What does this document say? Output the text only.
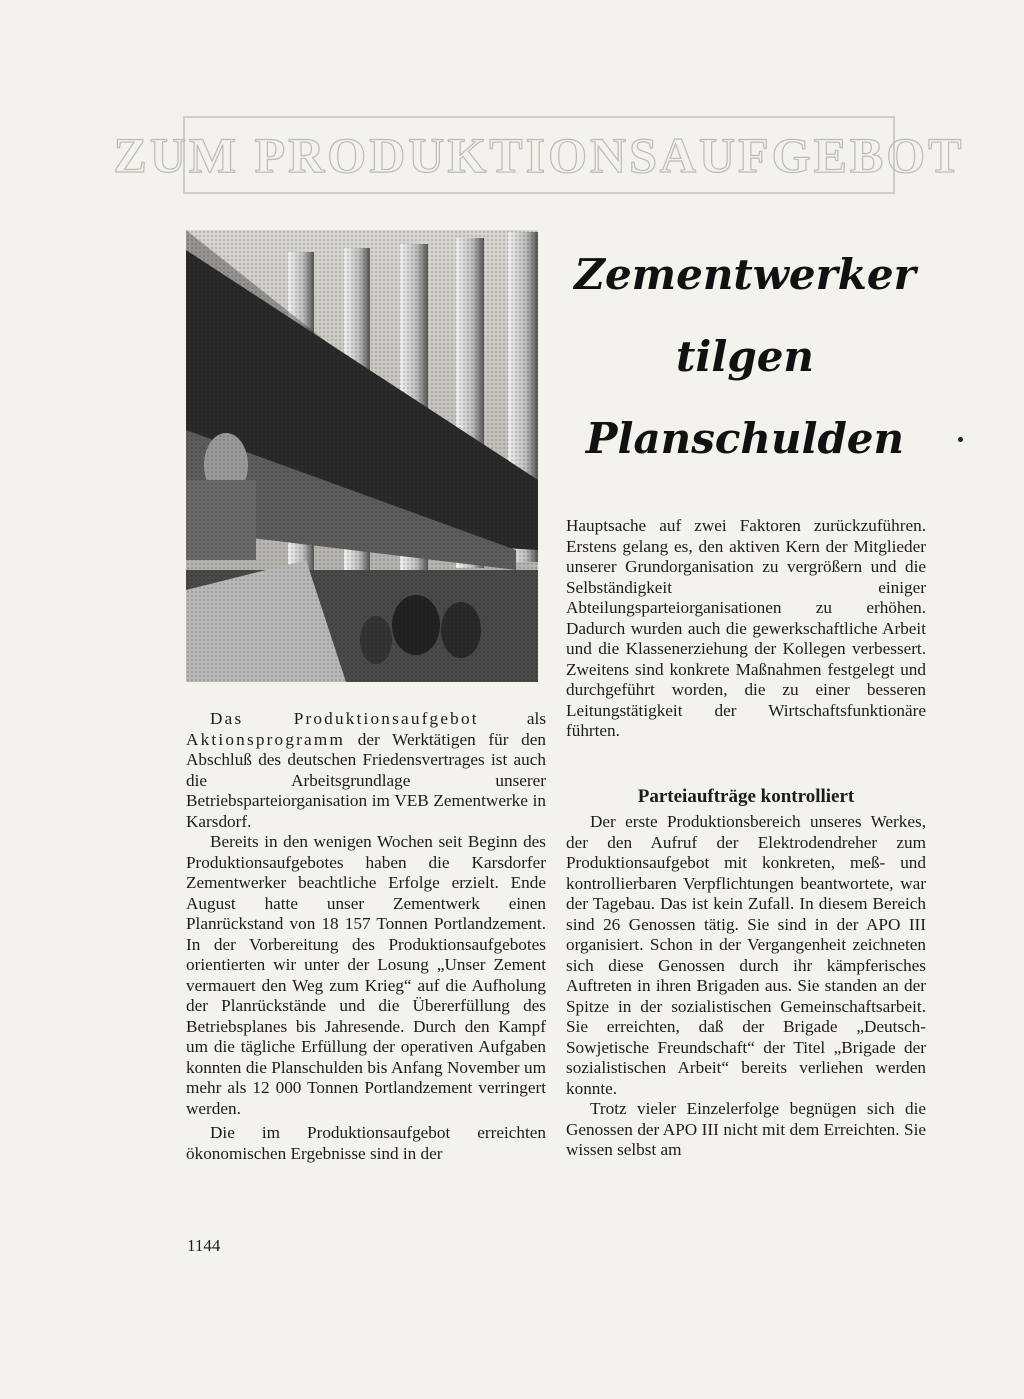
ZUM PRODUKTIONSAUFGEBOT
Zementwerker
tilgen
Planschulden

Das Produktionsaufgebot als Aktionsprogramm der Werktätigen für den Abschluß des deutschen Friedensvertrages ist auch die Arbeitsgrundlage unserer Betriebsparteiorganisation im VEB Zementwerke in Karsdorf.

Bereits in den wenigen Wochen seit Beginn des Produktionsaufgebotes haben die Karsdorfer Zementwerker beachtliche Erfolge erzielt. Ende August hatte unser Zementwerk einen Planrückstand von 18 157 Tonnen Portlandzement. In der Vorbereitung des Produktionsaufgebotes orientierten wir unter der Losung „Unser Zement vermauert den Weg zum Krieg“ auf die Aufholung der Planrückstände und die Übererfüllung des Betriebsplanes bis Jahresende. Durch den Kampf um die tägliche Erfüllung der operativen Aufgaben konnten die Planschulden bis Anfang November um mehr als 12 000 Tonnen Portlandzement verringert werden.

Die im Produktionsaufgebot erreichten ökonomischen Ergebnisse sind in der

Hauptsache auf zwei Faktoren zurückzuführen. Erstens gelang es, den aktiven Kern der Mitglieder unserer Grundorganisation zu vergrößern und die Selbständigkeit einiger Abteilungsparteiorganisationen zu erhöhen. Dadurch wurden auch die gewerkschaftliche Arbeit und die Klassenerziehung der Kollegen verbessert. Zweitens sind konkrete Maßnahmen festgelegt und durchgeführt worden, die zu einer besseren Leitungstätigkeit der Wirtschaftsfunktionäre führten.

Parteiaufträge kontrolliert

Der erste Produktionsbereich unseres Werkes, der den Aufruf der Elektrodendreher zum Produktionsaufgebot mit konkreten, meß- und kontrollierbaren Verpflichtungen beantwortete, war der Tagebau. Das ist kein Zufall. In diesem Bereich sind 26 Genossen tätig. Sie sind in der APO III organisiert. Schon in der Vergangenheit zeichneten sich diese Genossen durch ihr kämpferisches Auftreten in ihren Brigaden aus. Sie standen an der Spitze in der sozialistischen Gemeinschaftsarbeit. Sie erreichten, daß der Brigade „Deutsch-Sowjetische Freundschaft“ der Titel „Brigade der sozialistischen Arbeit“ bereits verliehen werden konnte.

Trotz vieler Einzelerfolge begnügen sich die Genossen der APO III nicht mit dem Erreichten. Sie wissen selbst am

1144
